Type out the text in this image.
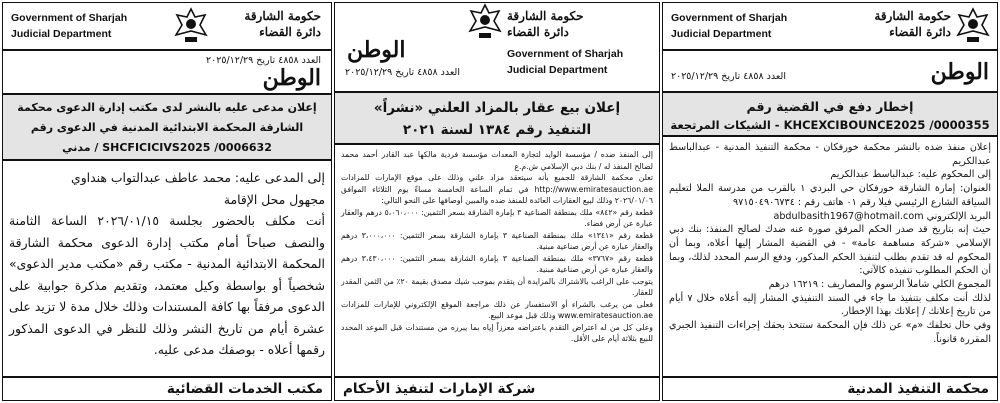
حكومة الشارقة
دائرة القضاء
Government of Sharjah
Judicial Department
الوطن
العدد ٤٨٥٨ تاريخ ٢٠٢٥/١٢/٢٩
إخطار دفع في القضية رقم
KHCEXCIBOUNCE2025 /0000355 - الشيكات المرتجعة

إعلان منفذ ضده بالنشر محكمة خورفكان - محكمة التنفيذ المدنية - عبدالباسط عبدالكريم

إلى المحكوم عليه: عبدالباسط عبدالكريم

العنوان: إمارة الشارقة خورفكان حي البردي ١ بالقرب من مدرسة الملا لتعليم السياقة الشارع الرئيسي فيلا رقم ٠١ هاتف رقم : ٩٧١٥٠٤٩٠٦٧٣٤

البريد الإلكتروني abdulbasith1967@hotmail.com

حيث إنه بتاريخ قد صدر الحكم المرفق صورة عنه ضدك لصالح المنفذ: بنك دبي الإسلامي «شركة مساهمة عامة» - في القضية المشار إليها أعلاه، وبما أن المحكوم له قد تقدم بطلب لتنفيذ الحكم المذكور، ودفع الرسم المحدد لذلك، وبما أن الحكم المطلوب تنفيذه كالآتي:

المجموع الكلي شاملاً الرسوم والمصاريف : ١٦٢١٩ درهم

لذلك أنت مكلف بتنفيذ ما جاء في السند التنفيذي المشار إليه أعلاه خلال ٧ أيام من تاريخ إعلانك / إعلانك بهذا الإخطار.

وفي حال تخلفك «م» عن ذلك فإن المحكمة ستتخذ بحقك إجراءات التنفيذ الجبري المقررة قانوناً.

محكمة التنفيذ المدنية
حكومة الشارقة
دائرة القضاء
Government of Sharjah
Judicial Department
الوطن
العدد ٤٨٥٨ تاريخ ٢٠٢٥/١٢/٢٩
إعلان بيع عقار بالمزاد العلني «نشراً»
التنفيذ رقم ١٣٨٤ لسنة ٢٠٢١

إلى المنفذ ضده / مؤسسة الوايد لتجارة المعدات مؤسسة فردية مالكها عبد القادر أحمد محمد لصالح المنفذ له / بنك دبي الإسلامي ش.م.ع

تعلن محكمة الشارقة للجميع بأنه سيتعقد مزاد علني وذلك على موقع الإمارات للمزادات http://www.emiratesauction.ae في تمام الساعة الخامسة مساءً يوم الثلاثاء الموافق ٢٠٢٦/٠١/٠٦ وذلك لبيع العقارات العائدة للمنفذ ضده والمبين أوصافها على النحو التالي:

قطعة رقم «٨٤٢» ملك بمنطقة الصناعية ٣ بإمارة الشارقة بسعر التثمين: ٥،٠٦٠،٠٠٠ درهم والعقار عبارة عن أرض فضاء.

قطعة رقم «١٣٤١» ملك بمنطقة الصناعية ٣ بإمارة الشارقة بسعر التثمين: ٣،٠٠٠،٠٠٠ درهم والعقار عبارة عن أرض صناعية مبنية.

قطعة رقم «٣٧٦٧» ملك بمنطقة الصناعية ٣ بإمارة الشارقة بسعر التثمين: ٣،٤٣٠،٠٠٠ درهم والعقار عبارة عن أرض صناعية مبنية.

يتوجب على الراغب بالاشتراك بالمزايدة أن يتقدم بموجب شيك مصدق بقيمة ٢٠٪ من الثمن المقدر للعقار.

فعلى من يرغب بالشراء أو الاستفسار عن ذلك مراجعة الموقع الإلكتروني للإمارات للمزادات www.emiratesauction.ae وذلك قبل موعد البيع.

وعلى كل من له اعتراض التقدم باعتراضه معززاً إياه بما يبرره من مستندات قبل الموعد المحدد للبيع بثلاثة أيام على الأقل.

شركة الإمارات لتنفيذ الأحكام
حكومة الشارقة
دائرة القضاء
Government of Sharjah
Judicial Department
العدد ٤٨٥٨ تاريخ ٢٠٢٥/١٢/٢٩
الوطن
إعلان مدعى عليه بالنشر لدى مكتب إدارة الدعوى محكمة
الشارقة المحكمة الابتدائية المدنية في الدعوى رقم
SHCFICICIVS2025 /0006632 / مدني

إلى المدعى عليه: محمد عاطف عبدالتواب هنداوي

مجهول محل الإقامة

أنت مكلف بالحضور بجلسة ٢٠٢٦/٠١/١٥ الساعة الثامنة والنصف صباحاً أمام مكتب إدارة الدعوى محكمة الشارقة المحكمة الابتدائية المدنية - مكتب رقم «مكتب مدير الدعوى» شخصياً أو بواسطة وكيل معتمد، وتقديم مذكرة جوابية على الدعوى مرفقاً بها كافة المستندات وذلك خلال مدة لا تزيد على عشرة أيام من تاريخ النشر وذلك للنظر في الدعوى المذكور رقمها أعلاه - بوصفك مدعى عليه.

مكتب الخدمات القضائية
